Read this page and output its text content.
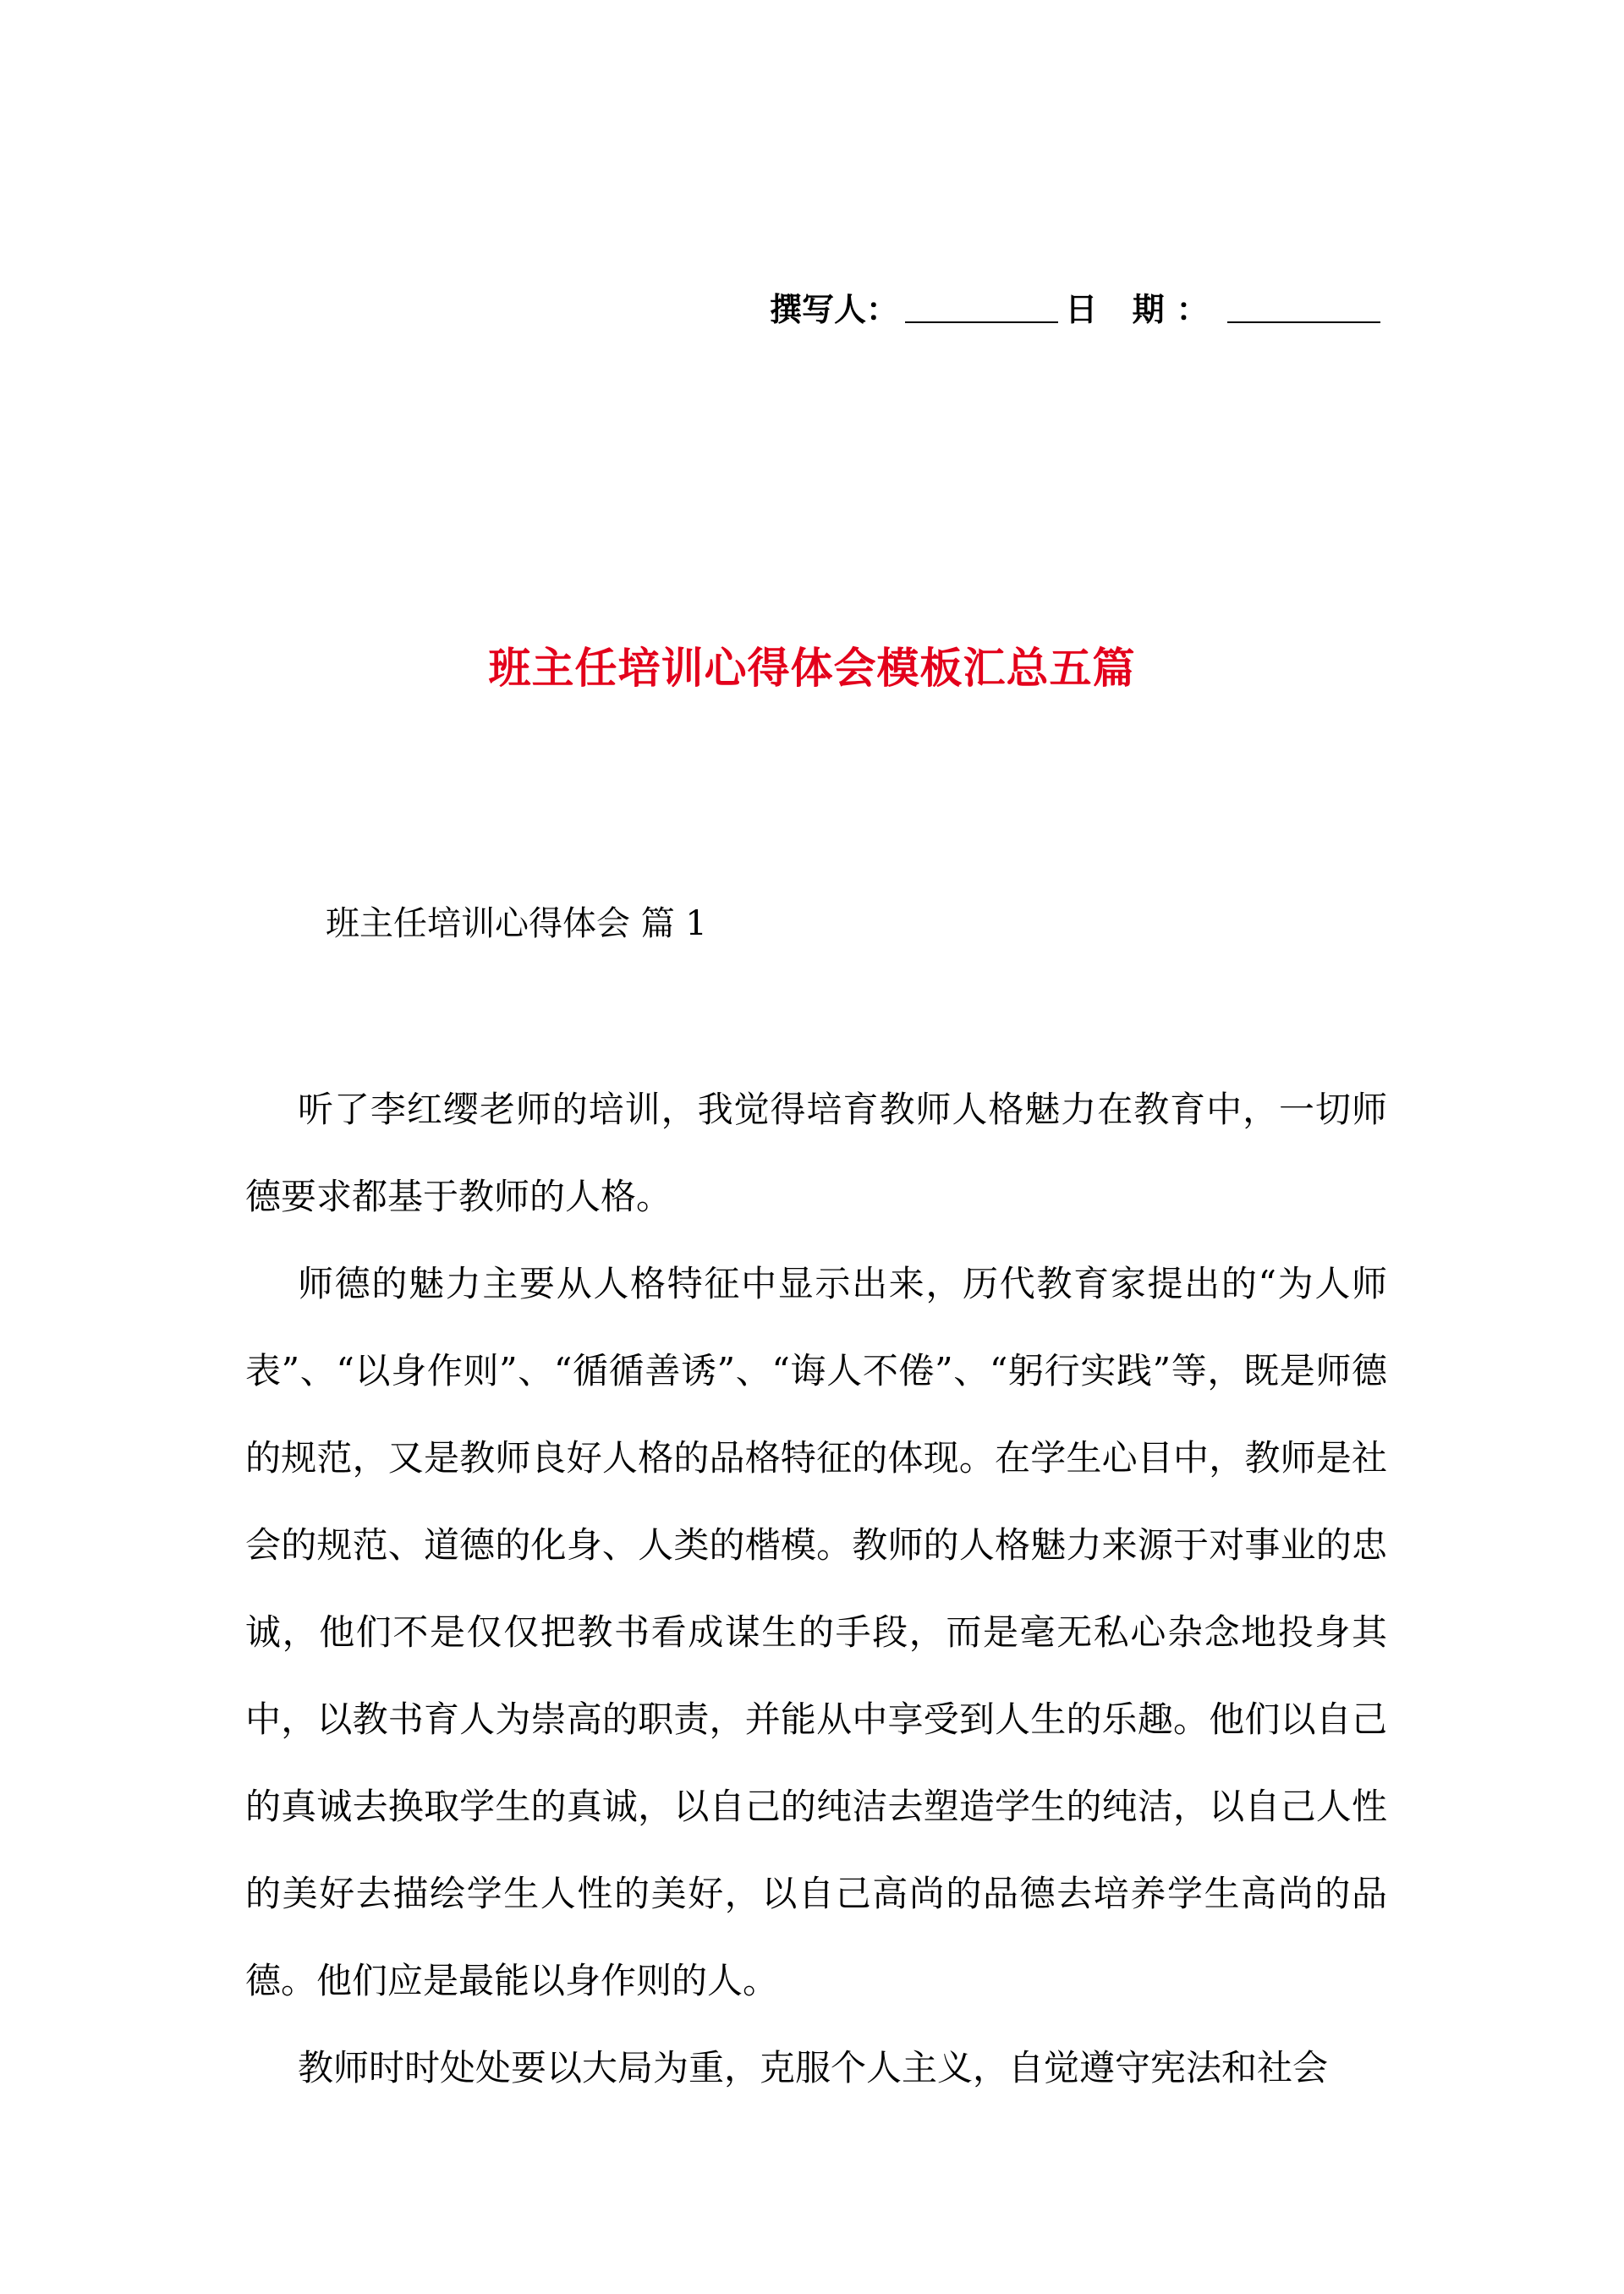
撰写人：	日 期：
班主任培训心得体会模板汇总五篇
班主任培训心得体会 篇 1

听了李红缨老师的培训，我觉得培育教师人格魅力在教育中，一切师德要求都基于教师的人格。

师德的魅力主要从人格特征中显示出来，历代教育家提出的“为人师表”、“以身作则”、“循循善诱”、“诲人不倦”、“躬行实践”等，既是师德的规范，又是教师良好人格的品格特征的体现。在学生心目中，教师是社会的规范、道德的化身、人类的楷模。教师的人格魅力来源于对事业的忠诚，他们不是仅仅把教书看成谋生的手段，而是毫无私心杂念地投身其中，以教书育人为崇高的职责，并能从中享受到人生的乐趣。他们以自己的真诚去换取学生的真诚，以自己的纯洁去塑造学生的纯洁，以自己人性的美好去描绘学生人性的美好，以自己高尚的品德去培养学生高尚的品德。他们应是最能以身作则的人。

教师时时处处要以大局为重，克服个人主义，自觉遵守宪法和社会
